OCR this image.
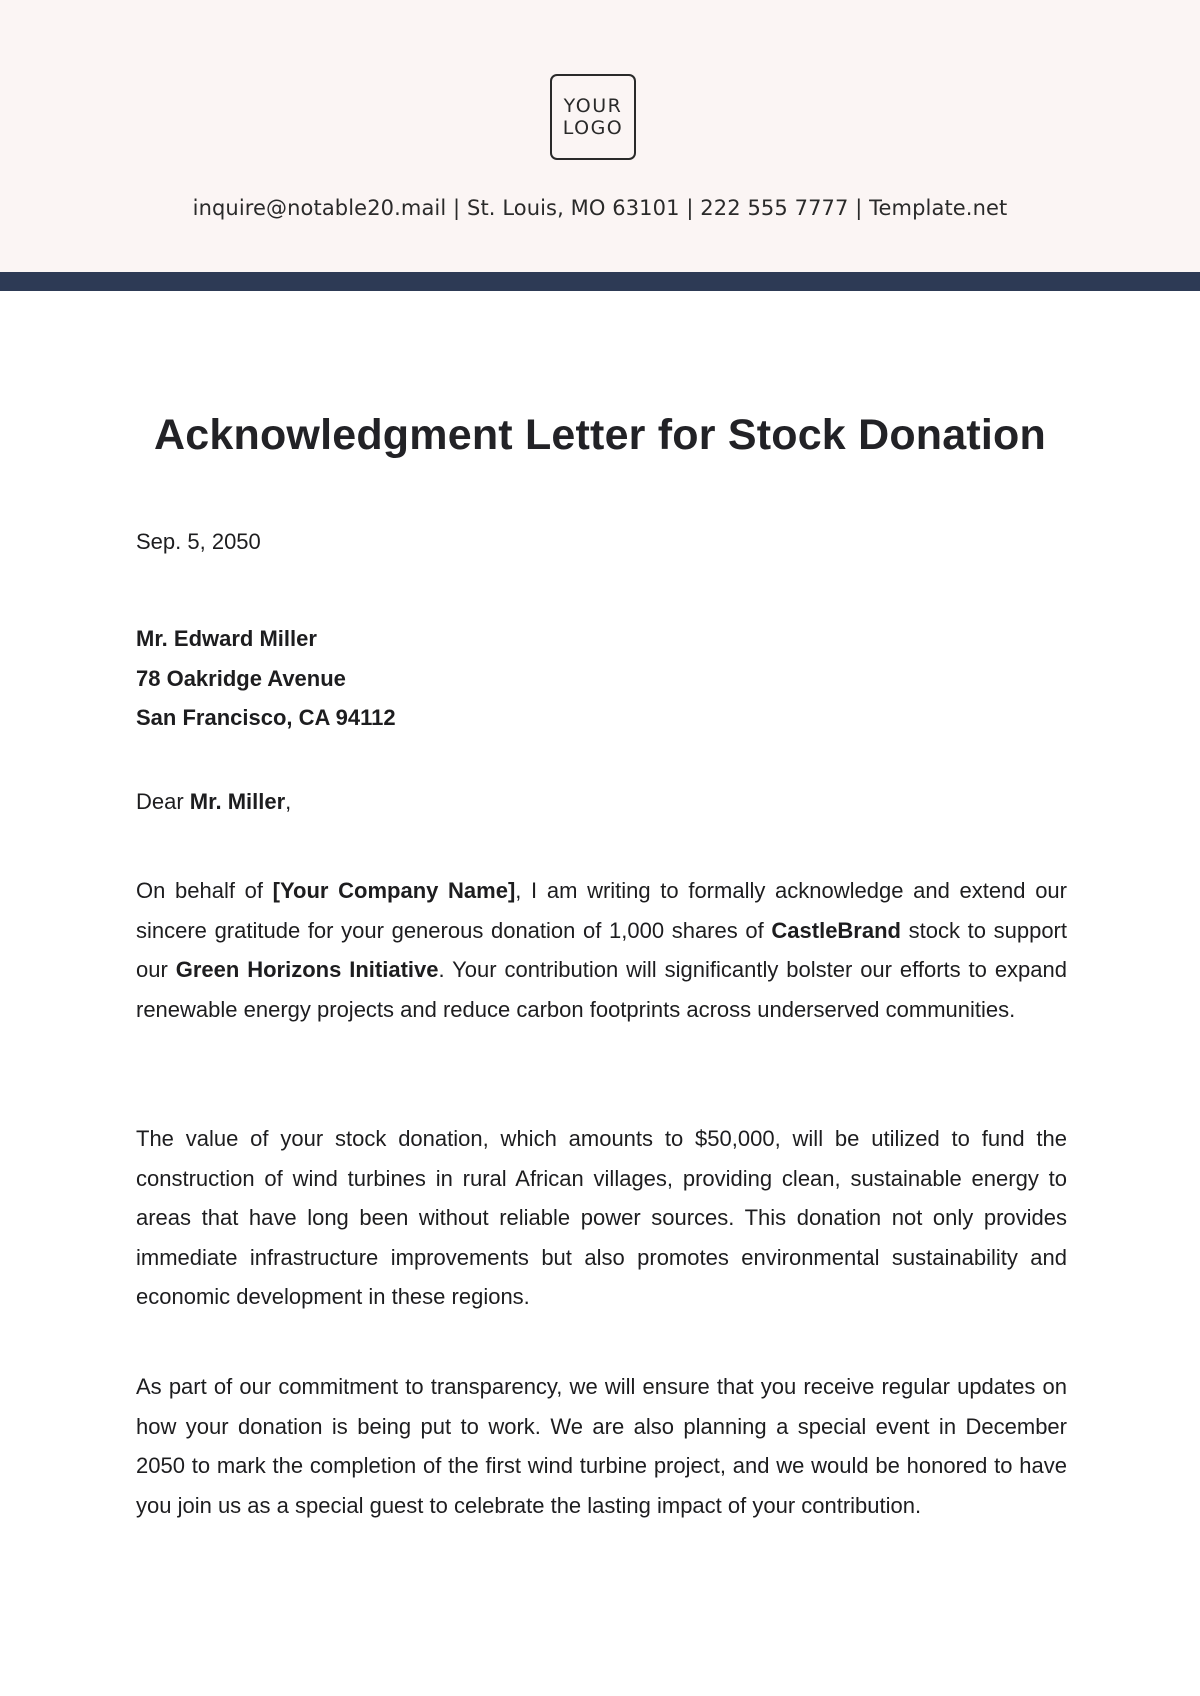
YOUR
LOGO
inquire@notable20.mail | St. Louis, MO 63101 | 222 555 7777 | Template.net
Acknowledgment Letter for Stock Donation
Sep. 5, 2050
Mr. Edward Miller
78 Oakridge Avenue
San Francisco, CA 94112
Dear Mr. Miller,

On behalf of [Your Company Name], I am writing to formally acknowledge and extend our sincere gratitude for your generous donation of 1,000 shares of CastleBrand stock to support our Green Horizons Initiative. Your contribution will significantly bolster our efforts to expand renewable energy projects and reduce carbon footprints across underserved communities.

The value of your stock donation, which amounts to $50,000, will be utilized to fund the construction of wind turbines in rural African villages, providing clean, sustainable energy to areas that have long been without reliable power sources. This donation not only provides immediate infrastructure improvements but also promotes environmental sustainability and economic development in these regions.

As part of our commitment to transparency, we will ensure that you receive regular updates on how your donation is being put to work. We are also planning a special event in December 2050 to mark the completion of the first wind turbine project, and we would be honored to have you join us as a special guest to celebrate the lasting impact of your contribution.
